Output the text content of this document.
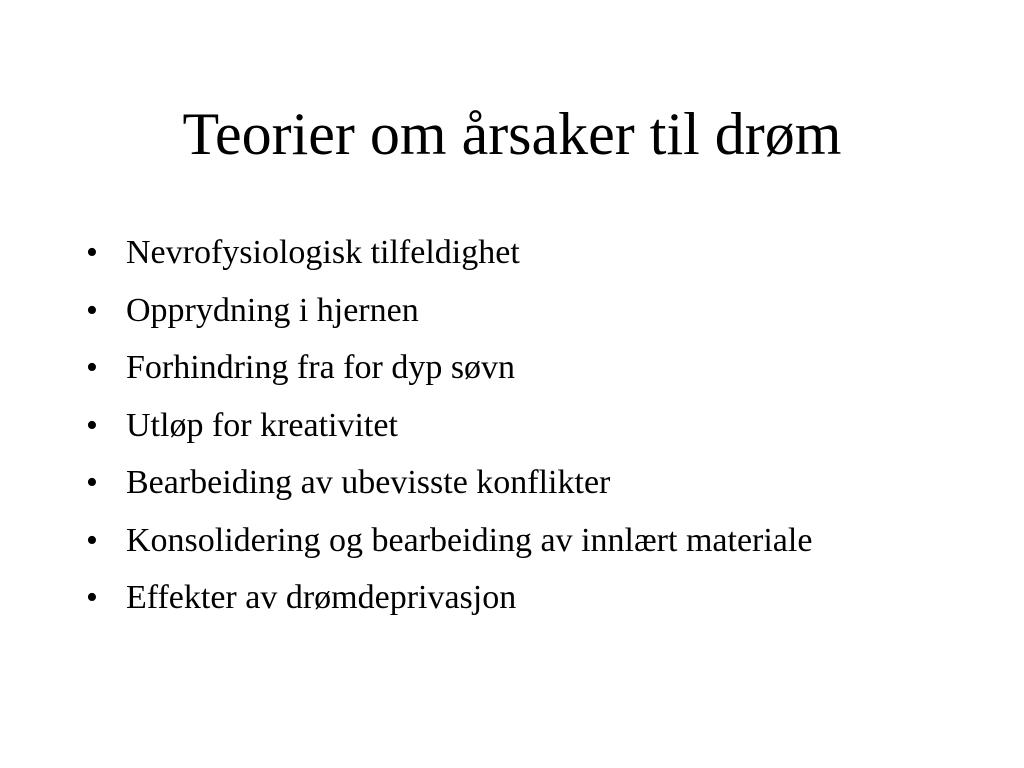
Teorier om årsaker til drøm
• Nevrofysiologisk tilfeldighet
• Opprydning i hjernen
• Forhindring fra for dyp søvn
• Utløp for kreativitet
• Bearbeiding av ubevisste konflikter
• Konsolidering og bearbeiding av innlært materiale
• Effekter av drømdeprivasjon
